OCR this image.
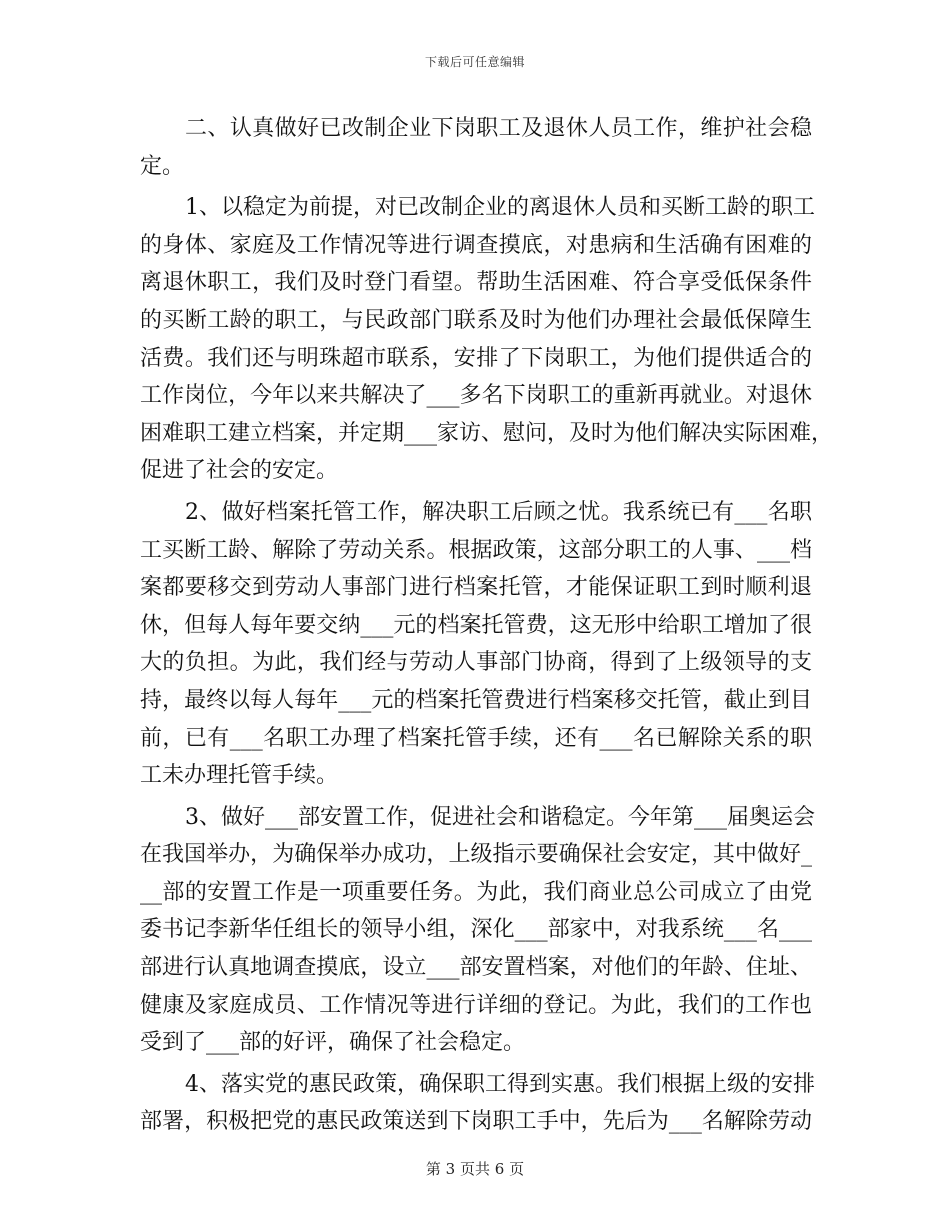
下载后可任意编辑
二、认真做好已改制企业下岗职工及退休人员工作，维护社会稳
定。
1、以稳定为前提，对已改制企业的离退休人员和买断工龄的职工
的身体、家庭及工作情况等进行调查摸底，对患病和生活确有困难的
离退休职工，我们及时登门看望。帮助生活困难、符合享受低保条件
的买断工龄的职工，与民政部门联系及时为他们办理社会最低保障生
活费。我们还与明珠超市联系，安排了下岗职工，为他们提供适合的
工作岗位，今年以来共解决了___多名下岗职工的重新再就业。对退休
困难职工建立档案，并定期___家访、慰问，及时为他们解决实际困难，
促进了社会的安定。
2、做好档案托管工作，解决职工后顾之忧。我系统已有___名职
工买断工龄、解除了劳动关系。根据政策，这部分职工的人事、___档
案都要移交到劳动人事部门进行档案托管，才能保证职工到时顺利退
休，但每人每年要交纳___元的档案托管费，这无形中给职工增加了很
大的负担。为此，我们经与劳动人事部门协商，得到了上级领导的支
持，最终以每人每年___元的档案托管费进行档案移交托管，截止到目
前，已有___名职工办理了档案托管手续，还有___名已解除关系的职
工未办理托管手续。
3、做好___部安置工作，促进社会和谐稳定。今年第___届奥运会
在我国举办，为确保举办成功，上级指示要确保社会安定，其中做好_
__部的安置工作是一项重要任务。为此，我们商业总公司成立了由党
委书记李新华任组长的领导小组，深化___部家中，对我系统___名___
部进行认真地调查摸底，设立___部安置档案，对他们的年龄、住址、
健康及家庭成员、工作情况等进行详细的登记。为此，我们的工作也
受到了___部的好评，确保了社会稳定。
4、落实党的惠民政策，确保职工得到实惠。我们根据上级的安排
部署，积极把党的惠民政策送到下岗职工手中，先后为___名解除劳动
第 3 页共 6 页
